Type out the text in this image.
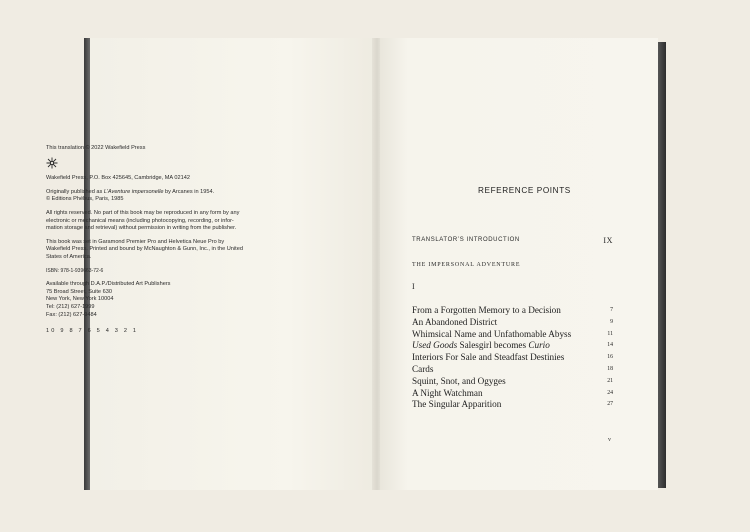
This translation © 2022 Wakefield Press

Wakefield Press, P.O. Box 425645, Cambridge, MA 02142

Originally published as L’Aventure impersonelle by Arcanes in 1954.

© Editions Phébus, Paris, 1985

All rights reserved. No part of this book may be reproduced in any form by any

electronic or mechanical means (including photocopying, recording, or infor-

mation storage and retrieval) without permission in writing from the publisher.

This book was set in Garamond Premier Pro and Helvetica Neue Pro by

Wakefield Press. Printed and bound by McNaughton & Gunn, Inc., in the United

States of America.

ISBN: 978-1-939663-72-6

Available through D.A.P./Distributed Art Publishers

75 Broad Street, Suite 630

New York, New York 10004

Tel: (212) 627-1999

Fax: (212) 627-9484

10 9 8 7 6 5 4 3 2 1

REFERENCE POINTS
TRANSLATOR’S INTRODUCTION	IX
THE IMPERSONAL ADVENTURE
I
From a Forgotten Memory to a Decision	7
An Abandoned District	9
Whimsical Name and Unfathomable Abyss	11
Used Goods Salesgirl becomes Curio	14
Interiors For Sale and Steadfast Destinies	16
Cards	18
Squint, Snot, and Ogyges	21
A Night Watchman	24
The Singular Apparition	27
v
